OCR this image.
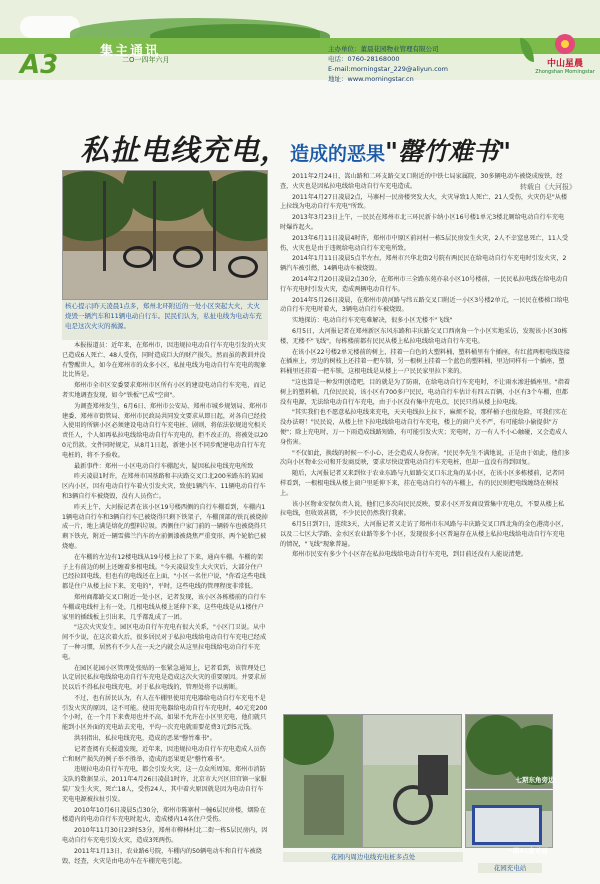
A3	集主通讯
二O一四年六月
主办单位：董晨花园物业管理有限公司
电话：0760-28168000
E-mail:morningstar_229@aliyun.com
地址：www.morningstar.cn
中山星晨
Zhongshan Morningstar
私扯电线充电，造成的恶果"罄竹难书"
转载自《大河报》
核心提示|昨天凌晨1点多，郑州北环附近的一处小区突起大火，大火烧毁一辆汽车和11辆电动自行车。民民们认为，私扯电线为电动车充电是这次火灾的祸源。

本报报道员：近年来，在郑州市，因违规拉电动自行车充电引发的火灾已造成6人死亡、48人受伤，同时造成巨大的财产损失。然而虽的教训并没有警醒世人，如今在郑州市的众多小区，私扯电线为电动自行车充电的现象比比皆是。

郑州市全市区安委要求郑州市区所有小区的建设电动自行车充电，而记者实地调查发现，如今"铁板"已成"空窗"。

为调查郑州发生，6月6日、郑州市公安局、郑州市城乡规划局、郑州市建委、郑州市街管局、郑州市民政局共同发文要求从即日起，对各自已经投入使用的所辖小区必须建设电动自行车充电桩、剧则，将依法依规追究相关责任人，个人如再私拉电线给电动自行车充电的，拒不改正的，将被处以200元罚款。文件同时规定，从8月1日起，新建小区不同步配建电动自行车充电桩的，将不予验收。

最新事件：郑州一小区电动自行车棚起火，疑因私拉电线充电所致

昨天凌晨1时许，在郑州市国基路和丰庆路交叉口北200米路东的某园区内小区，因有电动自行车着火引发火灾，致使1辆汽车、11辆电动自行车和3辆自行车被烧毁，没有人员伤亡。

昨天上午，大河报记者在该小区19号楼西侧的自行车棚看到，车棚内11辆电动自行车和3辆自行车已被烧得只剩下铁架子，车棚顶部的铁瓦被烧掉成一片，地上满是熔化的塑料垃圾。西侧住户家门前的一辆轿车也被烧得只剩下铁壳，附近一辆雪佛兰汽车的左前侧漆被烧焦严重变形，两个轮胎已被烧瘪。

在车棚的左边有12楼电线从19号楼上拉了下来，通向车棚。车棚的架子上有前边的树上还缠着多根电线。"今天凌晨发生大火灾后，大部分住户已经拉回电线，但也有的电线还在上面，"小区一名住户说，"你看这些电线都是住户从楼上拉下来，充电的"，平时，这些电线的管理程度非常低。

郑州商都路交叉口附近一处小区，记者发现，该小区各栋楼前的自行车车棚或电线杆上有一处，几根电线从楼上延伸下来，这些电线是从1楼住户家里的插线板上引出来，几乎都乱成了一团。

"这次火灾发生，园区电动自行车充电有很大关系，"小区门卫说。从中间不少说，在这次着火后，很多居民对于私拉电线给电动自行车充电已经成了一种习惯，居然有不少人在一天之内就会从这里拉电线给电动自行车充电。

在园区花园小区管理处张贴的一张紧急通知上，记者看到，该管理处已认定居民私拉电线给电动自行车充电是造成这次火灾的重要原因。并要求居民以后不得私拉电线充电，对于私拉电线的，管理处将予以剪断。

不过，也有居民认为，有人在车棚里使用充电器给电动自行车充电不是引发火灾的原因，这不可能。使用充电器给电动自行车充电时，40元充200个小时，在一个月下来费用也并不高，如果不允许在小区里充电，他们就只能到小区外面的充电站去充电，平均一次充电就需要花费3元到5元钱。

洪羽指出，私拉电线充电，造成的恶果"罄竹难书"。

记者查阅有关报道发现，近年来，因违规拉电动自行车充电造成人员伤亡和财产损失的例子举不胜举，造成的恶果更是"罄竹难书"。

违规拉电动自行车充电，都会引发火灾，这一点众所周知。郑州市消防支队的数据显示，2011年4月26日凌晨1时许，北京市大兴区旧宫镇一家服装厂发生火灾，死亡18人，受伤24人，其中着火原因就是因为电动自行车充电电源被拉扯引发。

2010年10月6日凌晨5点30分，郑州市陈寨村一幢6层民房楼，烟险在楼道内的电动自行车充电时起火，造成楼内14名住户受伤。

2010年11月30日23时53分，郑州市柳林村北二街一栋5层民房内，因电动自行车充电引发火灾，造成3死两伤。

2011年1月13日，农业路6号院，车棚内的50辆电动车和自行车被烧毁，经查，火灾是由电动车在车棚充电引起。

2011年2月24日，嵩山路和二环支路交叉口附近的中铁七局家属院，30多辆电动车被烧成废铁，经查，火灾也是因私拉电线给电动自行车充电造成。

2011年4月27日凌晨2点，马寨村一民房楼突发大火，火灾导致1人死亡、21人受伤，火灾仍是"从楼上拉线为电动自行车充电"所致。

2013年3月23日上午，一民民在郑州市北三环民新卡纳小区16号楼1单元3楼北厕给电动自行车充电时爆炸起火。

2013年6月11日凌晨4时许，郑州市中原区前河村一栋5层民房发生火灾，2人不幸窒息死亡，11人受伤，火灾也是由于违规给电动自行车充电所致。

2014年1月11日凌晨5点半左右，郑州市兴华北街2号院有两民民在给电动自行车充电时引发火灾，2辆汽车被引燃，14辆电动车被烧毁。

2014年2月20日凌晨2点30分，在郑州市三全路东苑亦泉小区10号楼前，一民民私拉电线在给电动自行车充电时引发火灾，造成两辆电动自行车。

2014年5月26日凌晨，在郑州市黄河路与纬五路交叉口附近一小区3号楼2单元，一民民在楼梯口给电动自行车充电时着火，3辆电动自行车被烧毁。

实地探访：电动自行车充电难解决，很多小区无楼不"飞线"

6月5日，大河报记者在郑州新区东风东路和丰庆路交叉口西南角一个小区实地采访，发现该小区30栋楼，无楼不"飞线"，每栋楼前都有民民从楼上私拉电线给电动自行车充电。

在该小区22号楼2单元楼前的树上，挂着一白色的大塑料桶，塑料桶里有个插座，有红蓝两根电线连接在插座上，旁边的树枝上还挂着一把车锁，另一根树上挂着一个蓝色的塑料桶，里边同样有一个插座，塑料桶里还挂着一把车锁，这根电线是从楼上一户民民家里拉下来的。

"这也算是一种发明创造吧，目的就是为了防雨，在给电动自行车充电时，不让雨水渗进插座里。"指着树上的塑料桶，几位民民说，该小区有700多户民民，电动自行车估计有四五百辆，小区有3个车棚，但都没有电源，无法给电动自行车充电，由于小区没有集中充电点，民民只得从楼上拉电线。

"其实我们也不愿意私拉电线来充电，天天电线拉上拉下，麻烦不说，那样桶子也很危险，可我们实在没办法呀！"民民说，从楼上往下拉电线给电动自行车充电，楼上的窗户关不严，有可能给小偷提供"方便"；除上充电时，万一下雨造成线路短路，有可能引发火灾；充电时，万一有人不小心触碰，又会造成人身伤害。

"不仅如此，换线的时候一不小心，还会造成人身伤害。"民民李先生不满地说，正是由于如此，他们多次向小区物业公司和开发商反映，要求尽快设置电动自行车充电桩，但却一直没有得到回复。

随后，大河报记者又来到位于农业东路与九如路交叉口东北角的某小区，在该小区多栋楼前，记者同样看到，一根根电线从楼上窗户里延伸下来，挂在电动自行车的车棚上，有的民民则把电线缠绕在树枝上。

该小区物业安保负责人说，他们已多次向民民反映，要求小区开发商设置集中充电点，不要从楼上私拉电线，但收效甚微，不少民民仍然我行我素。

6月5日到7日，连续3天，大河报记者又走访了郑州市东风路与丰庆路交叉口西北角的金色港湾小区，以及二七区大学路、金水区农业路等多个小区，发现很多小区普遍存在从楼上私拉电线给电动自行车充电的情况，"飞线"现象普遍。

郑州市民安有多少个小区存在私拉电线给电动自行车充电，到目前还没有人能说清楚。

花园内周边电线充电桩多点处
七期东角旁边
一期41座对面
花园充电站
